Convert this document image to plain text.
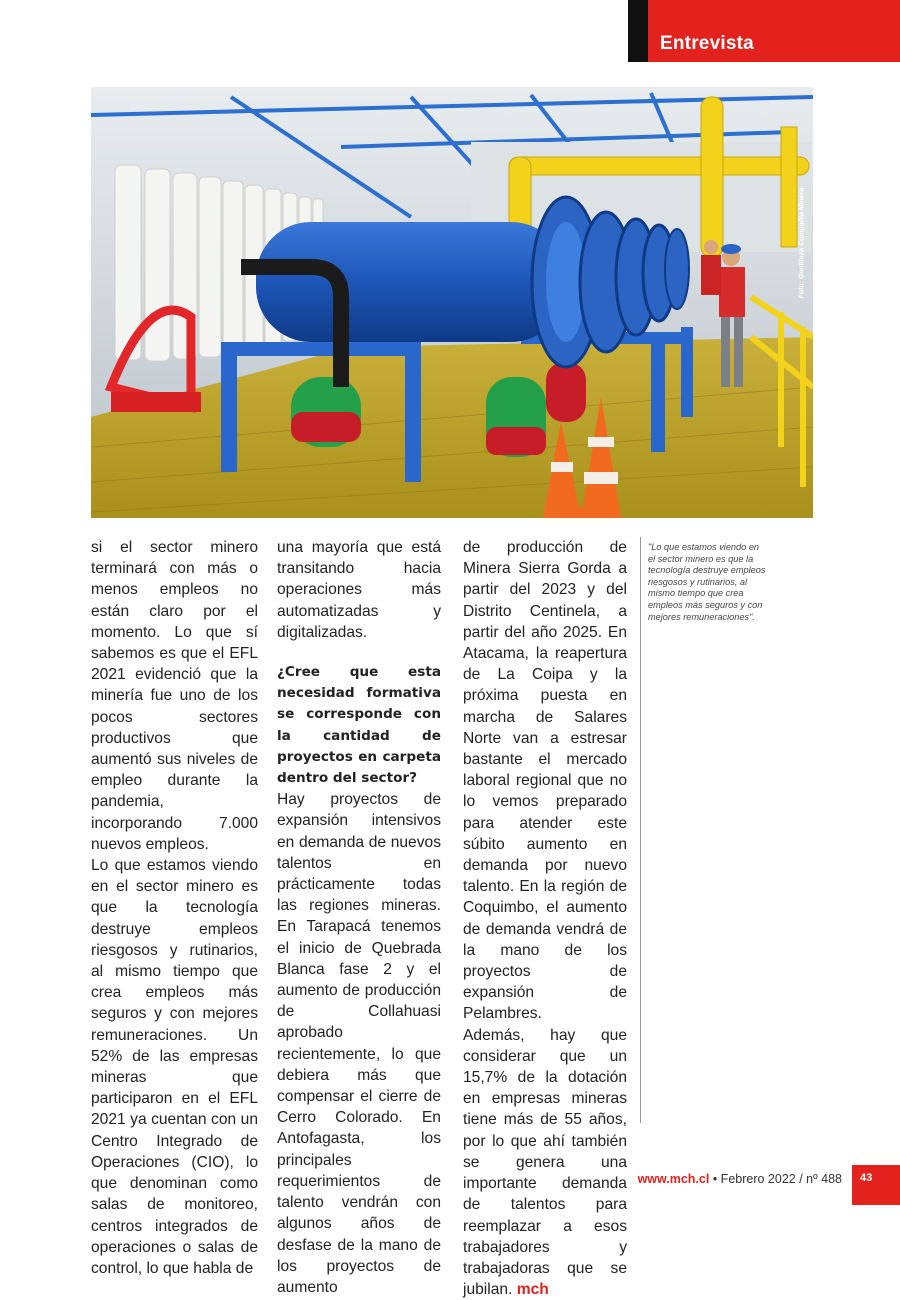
Entrevista
Foto: Gentileza Compañía Minera.

si el sector minero terminará con más o menos empleos no están claro por el momento. Lo que sí sabemos es que el EFL 2021 evidenció que la minería fue uno de los pocos sectores productivos que aumentó sus niveles de empleo durante la pandemia, incorporando 7.000 nuevos empleos.

Lo que estamos viendo en el sector minero es que la tecnología destruye empleos riesgosos y rutinarios, al mismo tiempo que crea empleos más seguros y con mejores remuneraciones. Un 52% de las empresas mineras que participaron en el EFL 2021 ya cuentan con un Centro Integrado de Operaciones (CIO), lo que denominan como salas de monitoreo, centros integrados de operaciones o salas de control, lo que habla de

una mayoría que está transitando hacia operaciones más automatizadas y digitalizadas.

¿Cree que esta necesidad formativa se corresponde con la cantidad de proyectos en carpeta dentro del sector?

Hay proyectos de expansión intensivos en demanda de nuevos talentos en prácticamente todas las regiones mineras. En Tarapacá tenemos el inicio de Quebrada Blanca fase 2 y el aumento de producción de Collahuasi aprobado recientemente, lo que debiera más que compensar el cierre de Cerro Colorado. En Antofagasta, los principales requerimientos de talento vendrán con algunos años de desfase de la mano de los proyectos de aumento

de producción de Minera Sierra Gorda a partir del 2023 y del Distrito Centinela, a partir del año 2025. En Atacama, la reapertura de La Coipa y la próxima puesta en marcha de Salares Norte van a estresar bastante el mercado laboral regional que no lo vemos preparado para atender este súbito aumento en demanda por nuevo talento. En la región de Coquimbo, el aumento de demanda vendrá de la mano de los proyectos de expansión de Pelambres.

Además, hay que considerar que un 15,7% de la dotación en empresas mineras tiene más de 55 años, por lo que ahí también se genera una importante demanda de talentos para reemplazar a esos trabajadores y trabajadoras que se jubilan. mch

"Lo que estamos viendo en el sector minero es que la tecnología destruye empleos riesgosos y rutinarios, al mismo tiempo que crea empleos más seguros y con mejores remuneraciones".
www.mch.cl • Febrero 2022 / nº 488 43
